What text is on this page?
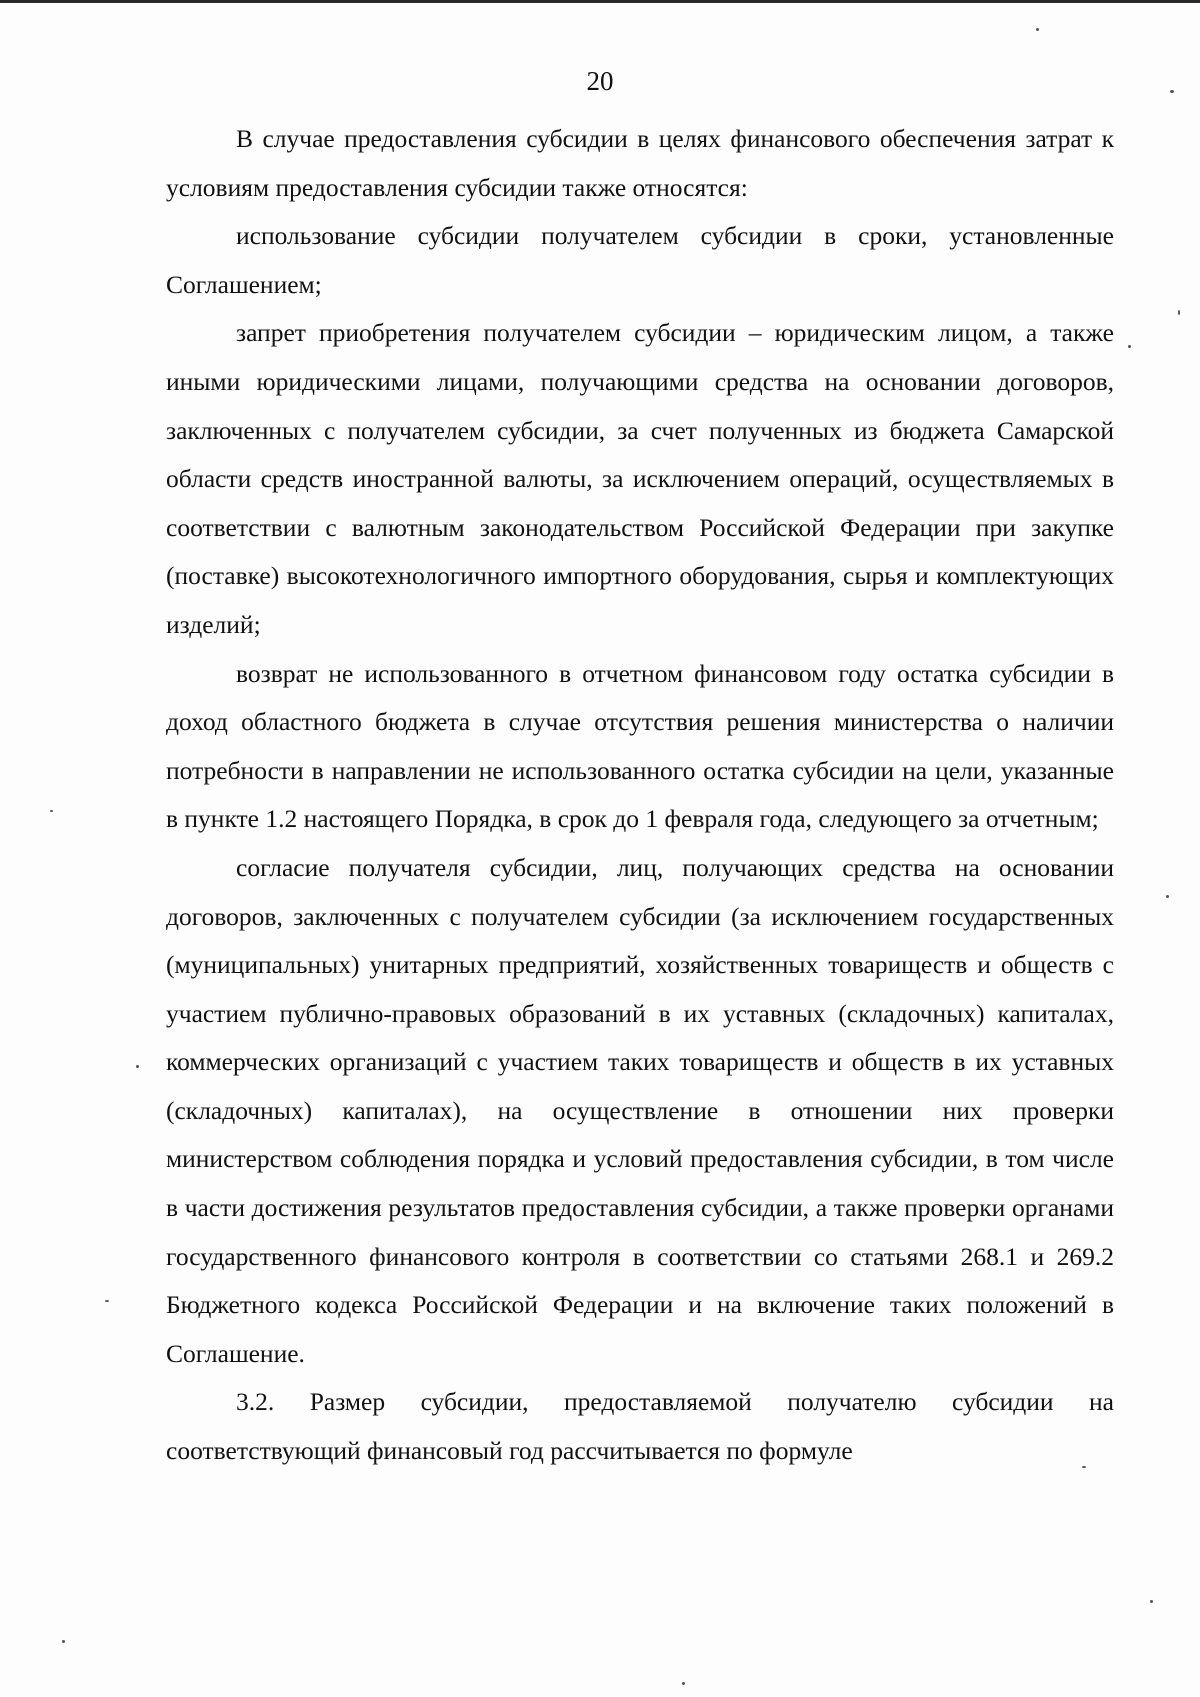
20

В случае предоставления субсидии в целях финансового обеспечения затрат к условиям предоставления субсидии также относятся:

использование субсидии получателем субсидии в сроки, установленные Соглашением;

запрет приобретения получателем субсидии – юридическим лицом, а также иными юридическими лицами, получающими средства на основании договоров, заключенных с получателем субсидии, за счет полученных из бюджета Самарской области средств иностранной валюты, за исключением операций, осуществляемых в соответствии с валютным законодательством Российской Федерации при закупке (поставке) высокотехнологичного импортного оборудования, сырья и комплектующих изделий;

возврат не использованного в отчетном финансовом году остатка субсидии в доход областного бюджета в случае отсутствия решения министерства о наличии потребности в направлении не использованного остатка субсидии на цели, указанные в пункте 1.2 настоящего Порядка, в срок до 1 февраля года, следующего за отчетным;

согласие получателя субсидии, лиц, получающих средства на основании договоров, заключенных с получателем субсидии (за исключением государственных (муниципальных) унитарных предприятий, хозяйственных товариществ и обществ с участием публично-правовых образований в их уставных (складочных) капиталах, коммерческих организаций с участием таких товариществ и обществ в их уставных (складочных) капиталах), на осуществление в отношении них проверки министерством соблюдения порядка и условий предоставления субсидии, в том числе в части достижения результатов предоставления субсидии, а также проверки органами государственного финансового контроля в соответствии со статьями 268.1 и 269.2 Бюджетного кодекса Российской Федерации и на включение таких положений в Соглашение.

3.2. Размер субсидии, предоставляемой получателю субсидии на соответствующий финансовый год рассчитывается по формуле
